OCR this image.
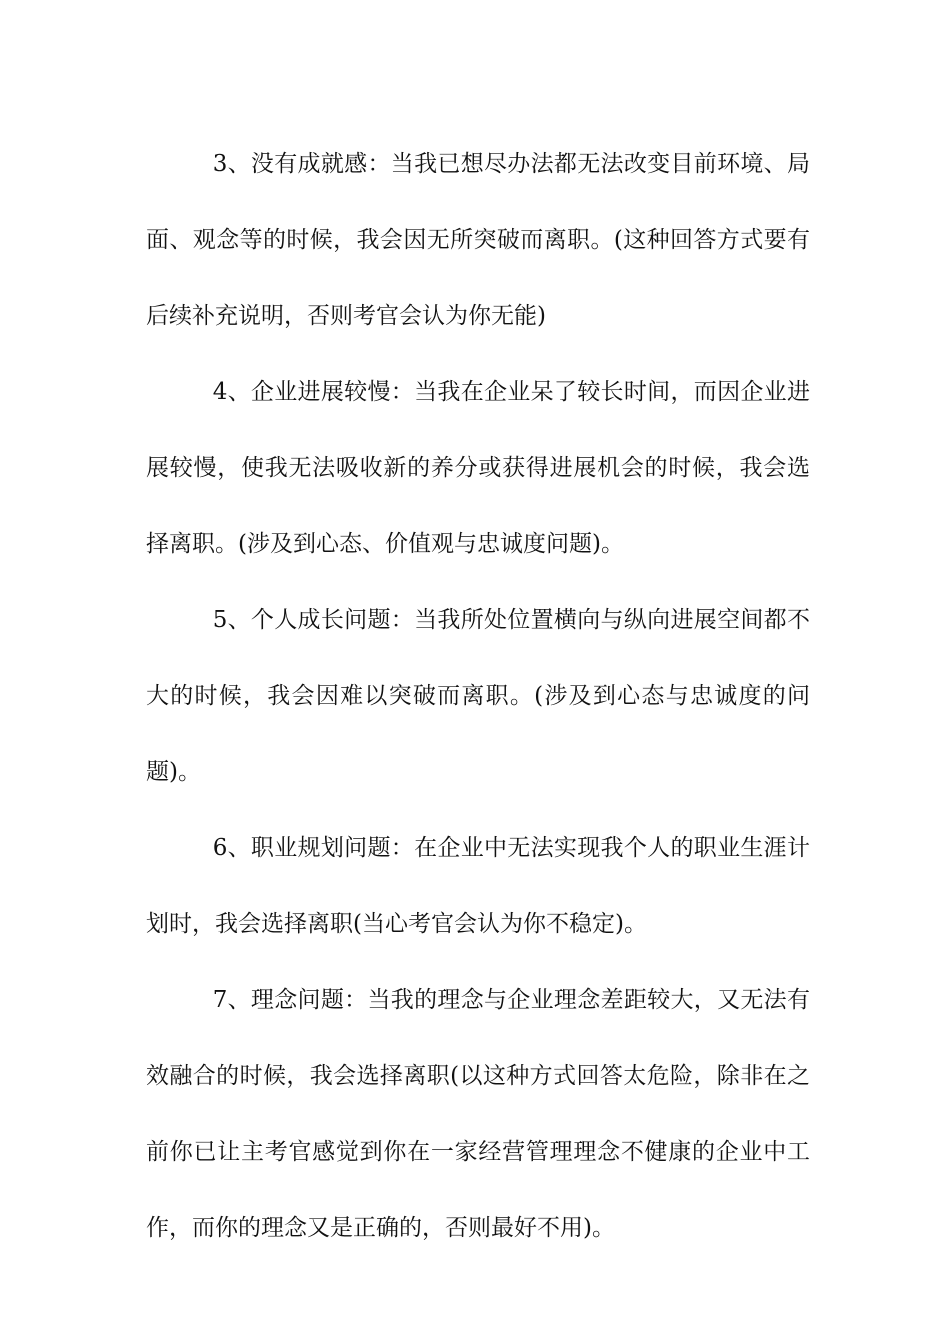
3、没有成就感：当我已想尽办法都无法改变目前环境、局面、观念等的时候，我会因无所突破而离职。(这种回答方式要有后续补充说明，否则考官会认为你无能)

4、企业进展较慢：当我在企业呆了较长时间，而因企业进展较慢，使我无法吸收新的养分或获得进展机会的时候，我会选择离职。(涉及到心态、价值观与忠诚度问题)。

5、个人成长问题：当我所处位置横向与纵向进展空间都不大的时候，我会因难以突破而离职。(涉及到心态与忠诚度的问题)。

6、职业规划问题：在企业中无法实现我个人的职业生涯计划时，我会选择离职(当心考官会认为你不稳定)。

7、理念问题：当我的理念与企业理念差距较大，又无法有效融合的时候，我会选择离职(以这种方式回答太危险，除非在之前你已让主考官感觉到你在一家经营管理理念不健康的企业中工作，而你的理念又是正确的，否则最好不用)。
